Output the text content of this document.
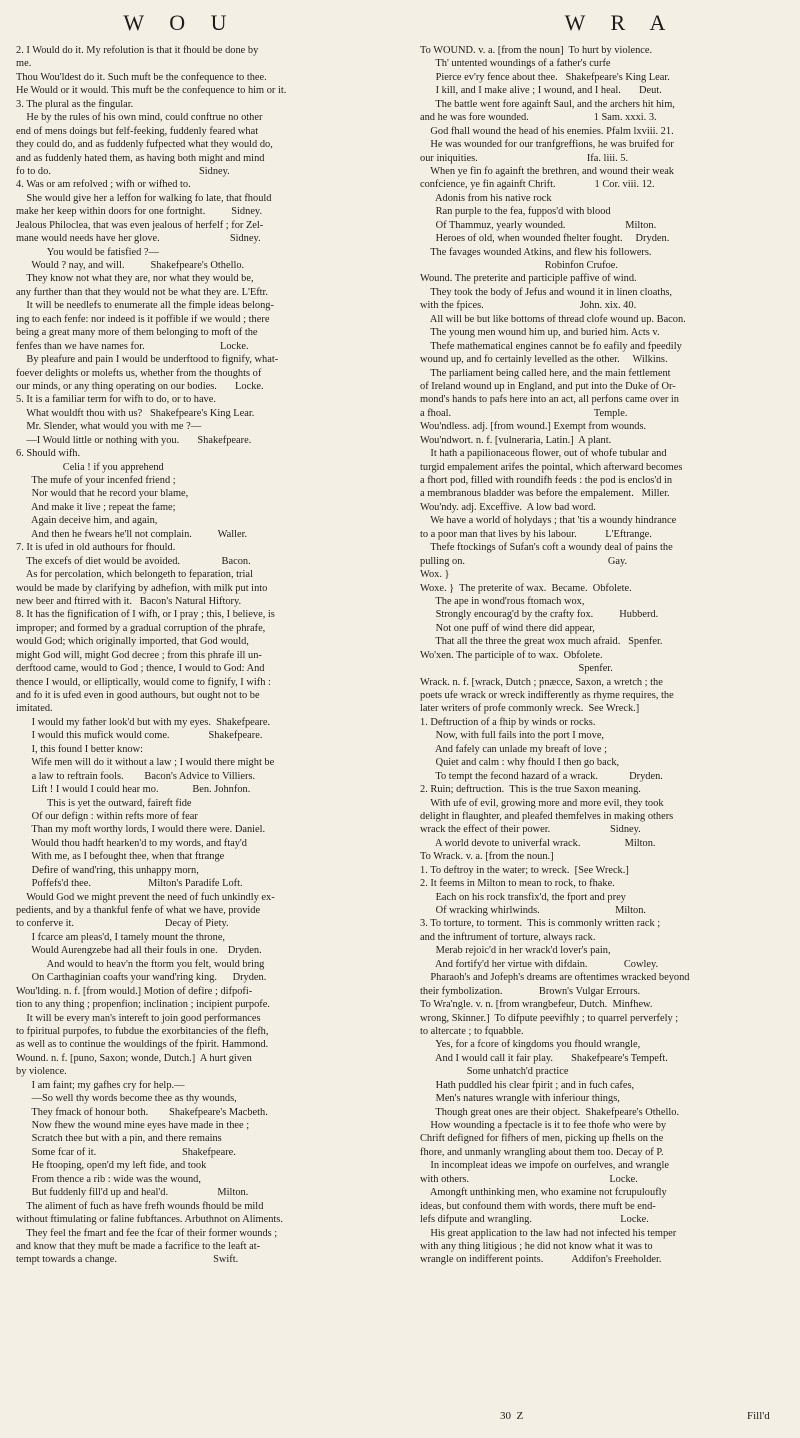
W O U	W R A
2. I Would do it. My refolution is that it fhould be done by
me.
Thou Wou'ldest do it. Such muft be the confequence to thee.
He Would or it would. This muft be the confequence to him or it.
3. The plural as the fingular.
He by the rules of his own mind, could conftrue no other
end of mens doings but felf-feeking, fuddenly feared what
they could do, and as fuddenly fufpected what they would do,
and as fuddenly hated them, as having both might and mind
fo to do.                                                         Sidney.
4. Was or am refolved ; wifh or wifhed to.
She would give her a leffon for walking fo late, that fhould
make her keep within doors for one fortnight.          Sidney.
Jealous Philoclea, that was even jealous of herfelf ; for Zel-
mane would needs have her glove.                           Sidney.
You would be fatisfied ?—
Would ? nay, and will.          Shakefpeare's Othello.
They know not what they are, nor what they would be,
any further than that they would not be what they are. L'Eftr.
It will be needlefs to enumerate all the fimple ideas belong-
ing to each fenfe: nor indeed is it poffible if we would ; there
being a great many more of them belonging to moft of the
fenfes than we have names for.                             Locke.
By pleafure and pain I would be underftood to fignify, what-
foever delights or molefts us, whether from the thoughts of
our minds, or any thing operating on our bodies.       Locke.
5. It is a familiar term for wifh to do, or to have.
What wouldft thou with us?   Shakefpeare's King Lear.
Mr. Slender, what would you with me ?—
—I Would little or nothing with you.       Shakefpeare.
6. Should wifh.
Celia ! if you apprehend
The mufe of your incenfed friend ;
Nor would that he record your blame,
And make it live ; repeat the fame;
Again deceive him, and again,
And then he fwears he'll not complain.          Waller.
7. It is ufed in old authours for fhould.
The excefs of diet would be avoided.                Bacon.
As for percolation, which belongeth to feparation, trial
would be made by clarifying by adhefion, with milk put into
new beer and ftirred with it.   Bacon's Natural Hiftory.
8. It has the fignification of I wifh, or I pray ; this, I believe, is
improper; and formed by a gradual corruption of the phrafe,
would God; which originally imported, that God would,
might God will, might God decree ; from this phrafe ill un-
derftood came, would to God ; thence, I would to God: And
thence I would, or elliptically, would come to fignify, I wifh :
and fo it is ufed even in good authours, but ought not to be
imitated.
I would my father look'd but with my eyes.  Shakefpeare.
I would this mufick would come.               Shakefpeare.
I, this found I better know:
Wife men will do it without a law ; I would there might be
a law to reftrain fools.        Bacon's Advice to Villiers.
Lift ! I would I could hear mo.             Ben. Johnfon.
This is yet the outward, faireft fide
Of our defign : within refts more of fear
Than my moft worthy lords, I would there were. Daniel.
Would thou hadft hearken'd to my words, and ftay'd
With me, as I befought thee, when that ftrange
Defire of wand'ring, this unhappy morn,
Poffefs'd thee.                      Milton's Paradife Loft.
Would God we might prevent the need of fuch unkindly ex-
pedients, and by a thankful fenfe of what we have, provide
to conferve it.                                   Decay of Piety.
I fcarce am pleas'd, I tamely mount the throne,
Would Aurengzebe had all their fouls in one.    Dryden.
And would to heav'n the ftorm you felt, would bring
On Carthaginian coafts your wand'ring king.      Dryden.
Wou'lding. n. f. [from would.] Motion of defire ; difpofi-
tion to any thing ; propenfion; inclination ; incipient purpofe.
It will be every man's intereft to join good performances
to fpiritual purpofes, to fubdue the exorbitancies of the flefh,
as well as to continue the wouldings of the fpirit. Hammond.
Wound. n. f. [puno, Saxon; wonde, Dutch.]  A hurt given
by violence.
I am faint; my gafhes cry for help.—
—So well thy words become thee as thy wounds,
They fmack of honour both.        Shakefpeare's Macbeth.
Now fhew the wound mine eyes have made in thee ;
Scratch thee but with a pin, and there remains
Some fcar of it.                                 Shakefpeare.
He ftooping, open'd my left fide, and took
From thence a rib : wide was the wound,
But fuddenly fill'd up and heal'd.                   Milton.
The aliment of fuch as have frefh wounds fhould be mild
without ftimulating or faline fubftances. Arbuthnot on Aliments.
They feel the fmart and fee the fcar of their former wounds ;
and know that they muft be made a facrifice to the leaft at-
tempt towards a change.                                     Swift.
To WOUND. v. a. [from the noun]  To hurt by violence.
Th' untented woundings of a father's curfe
Pierce ev'ry fence about thee.   Shakefpeare's King Lear.
I kill, and I make alive ; I wound, and I heal.       Deut.
The battle went fore againft Saul, and the archers hit him,
and he was fore wounded.                         1 Sam. xxxi. 3.
God fhall wound the head of his enemies. Pfalm lxviii. 21.
He was wounded for our tranfgreffions, he was bruifed for
our iniquities.                                          Ifa. liii. 5.
When ye fin fo againft the brethren, and wound their weak
confcience, ye fin againft Chrift.               1 Cor. viii. 12.
Adonis from his native rock
Ran purple to the fea, fuppos'd with blood
Of Thammuz, yearly wounded.                       Milton.
Heroes of old, when wounded fhelter fought.     Dryden.
The favages wounded Atkins, and flew his followers.
Robinfon Crufoe.
Wound. The preterite and participle paffive of wind.
They took the body of Jefus and wound it in linen cloaths,
with the fpices.                                     John. xix. 40.
All will be but like bottoms of thread clofe wound up. Bacon.
The young men wound him up, and buried him. Acts v.
Thefe mathematical engines cannot be fo eafily and fpeedily
wound up, and fo certainly levelled as the other.     Wilkins.
The parliament being called here, and the main fettlement
of Ireland wound up in England, and put into the Duke of Or-
mond's hands to pafs here into an act, all perfons came over in
a fhoal.                                                       Temple.
Wou'ndless. adj. [from wound.] Exempt from wounds.
Wou'ndwort. n. f. [vulneraria, Latin.]  A plant.
It hath a papilionaceous flower, out of whofe tubular and
turgid empalement arifes the pointal, which afterward becomes
a fhort pod, filled with roundifh feeds : the pod is enclos'd in
a membranous bladder was before the empalement.   Miller.
Wou'ndy. adj. Exceffive.  A low bad word.
We have a world of holydays ; that 'tis a woundy hindrance
to a poor man that lives by his labour.           L'Eftrange.
Thefe ftockings of Sufan's coft a woundy deal of pains the
pulling on.                                                       Gay.
Wox. }
Woxe. }  The preterite of wax.  Became.  Obfolete.
The ape in wond'rous ftomach wox,
Strongly encourag'd by the crafty fox.          Hubberd.
Not one puff of wind there did appear,
That all the three the great wox much afraid.   Spenfer.
Wo'xen. The participle of to wax.  Obfolete.
Spenfer.
Wrack. n. f. [wrack, Dutch ; pnæcce, Saxon, a wretch ; the
poets ufe wrack or wreck indifferently as rhyme requires, the
later writers of profe commonly wreck.  See Wreck.]
1. Deftruction of a fhip by winds or rocks.
Now, with full fails into the port I move,
And fafely can unlade my breaft of love ;
Quiet and calm : why fhould I then go back,
To tempt the fecond hazard of a wrack.            Dryden.
2. Ruin; deftruction.  This is the true Saxon meaning.
With ufe of evil, growing more and more evil, they took
delight in flaughter, and pleafed themfelves in making others
wrack the effect of their power.                       Sidney.
A world devote to univerfal wrack.                 Milton.
To Wrack. v. a. [from the noun.]
1. To deftroy in the water; to wreck.  [See Wreck.]
2. It feems in Milton to mean to rock, to fhake.
Each on his rock transfix'd, the fport and prey
Of wracking whirlwinds.                             Milton.
3. To torture, to torment.  This is commonly written rack ;
and the inftrument of torture, always rack.
Merab rejoic'd in her wrack'd lover's pain,
And fortify'd her virtue with difdain.              Cowley.
Pharaoh's and Jofeph's dreams are oftentimes wracked beyond
their fymbolization.              Brown's Vulgar Errours.
To Wra'ngle. v. n. [from wrangbefeur, Dutch.  Minfhew.
wrong, Skinner.]  To difpute peevifhly ; to quarrel perverfely ;
to altercate ; to fquabble.
Yes, for a fcore of kingdoms you fhould wrangle,
And I would call it fair play.       Shakefpeare's Tempeft.
Some unhatch'd practice
Hath puddled his clear fpirit ; and in fuch cafes,
Men's natures wrangle with inferiour things,
Though great ones are their object.  Shakefpeare's Othello.
How wounding a fpectacle is it to fee thofe who were by
Chrift defigned for fifhers of men, picking up fhells on the
fhore, and unmanly wrangling about them too. Decay of P.
In incompleat ideas we impofe on ourfelves, and wrangle
with others.                                                      Locke.
Amongft unthinking men, who examine not fcrupuloufly
ideas, but confound them with words, there muft be end-
lefs difpute and wrangling.                                  Locke.
His great application to the law had not infected his temper
with any thing litigious ; he did not know what it was to
wrangle on indifferent points.           Addifon's Freeholder.
30  Z	Fill'd
